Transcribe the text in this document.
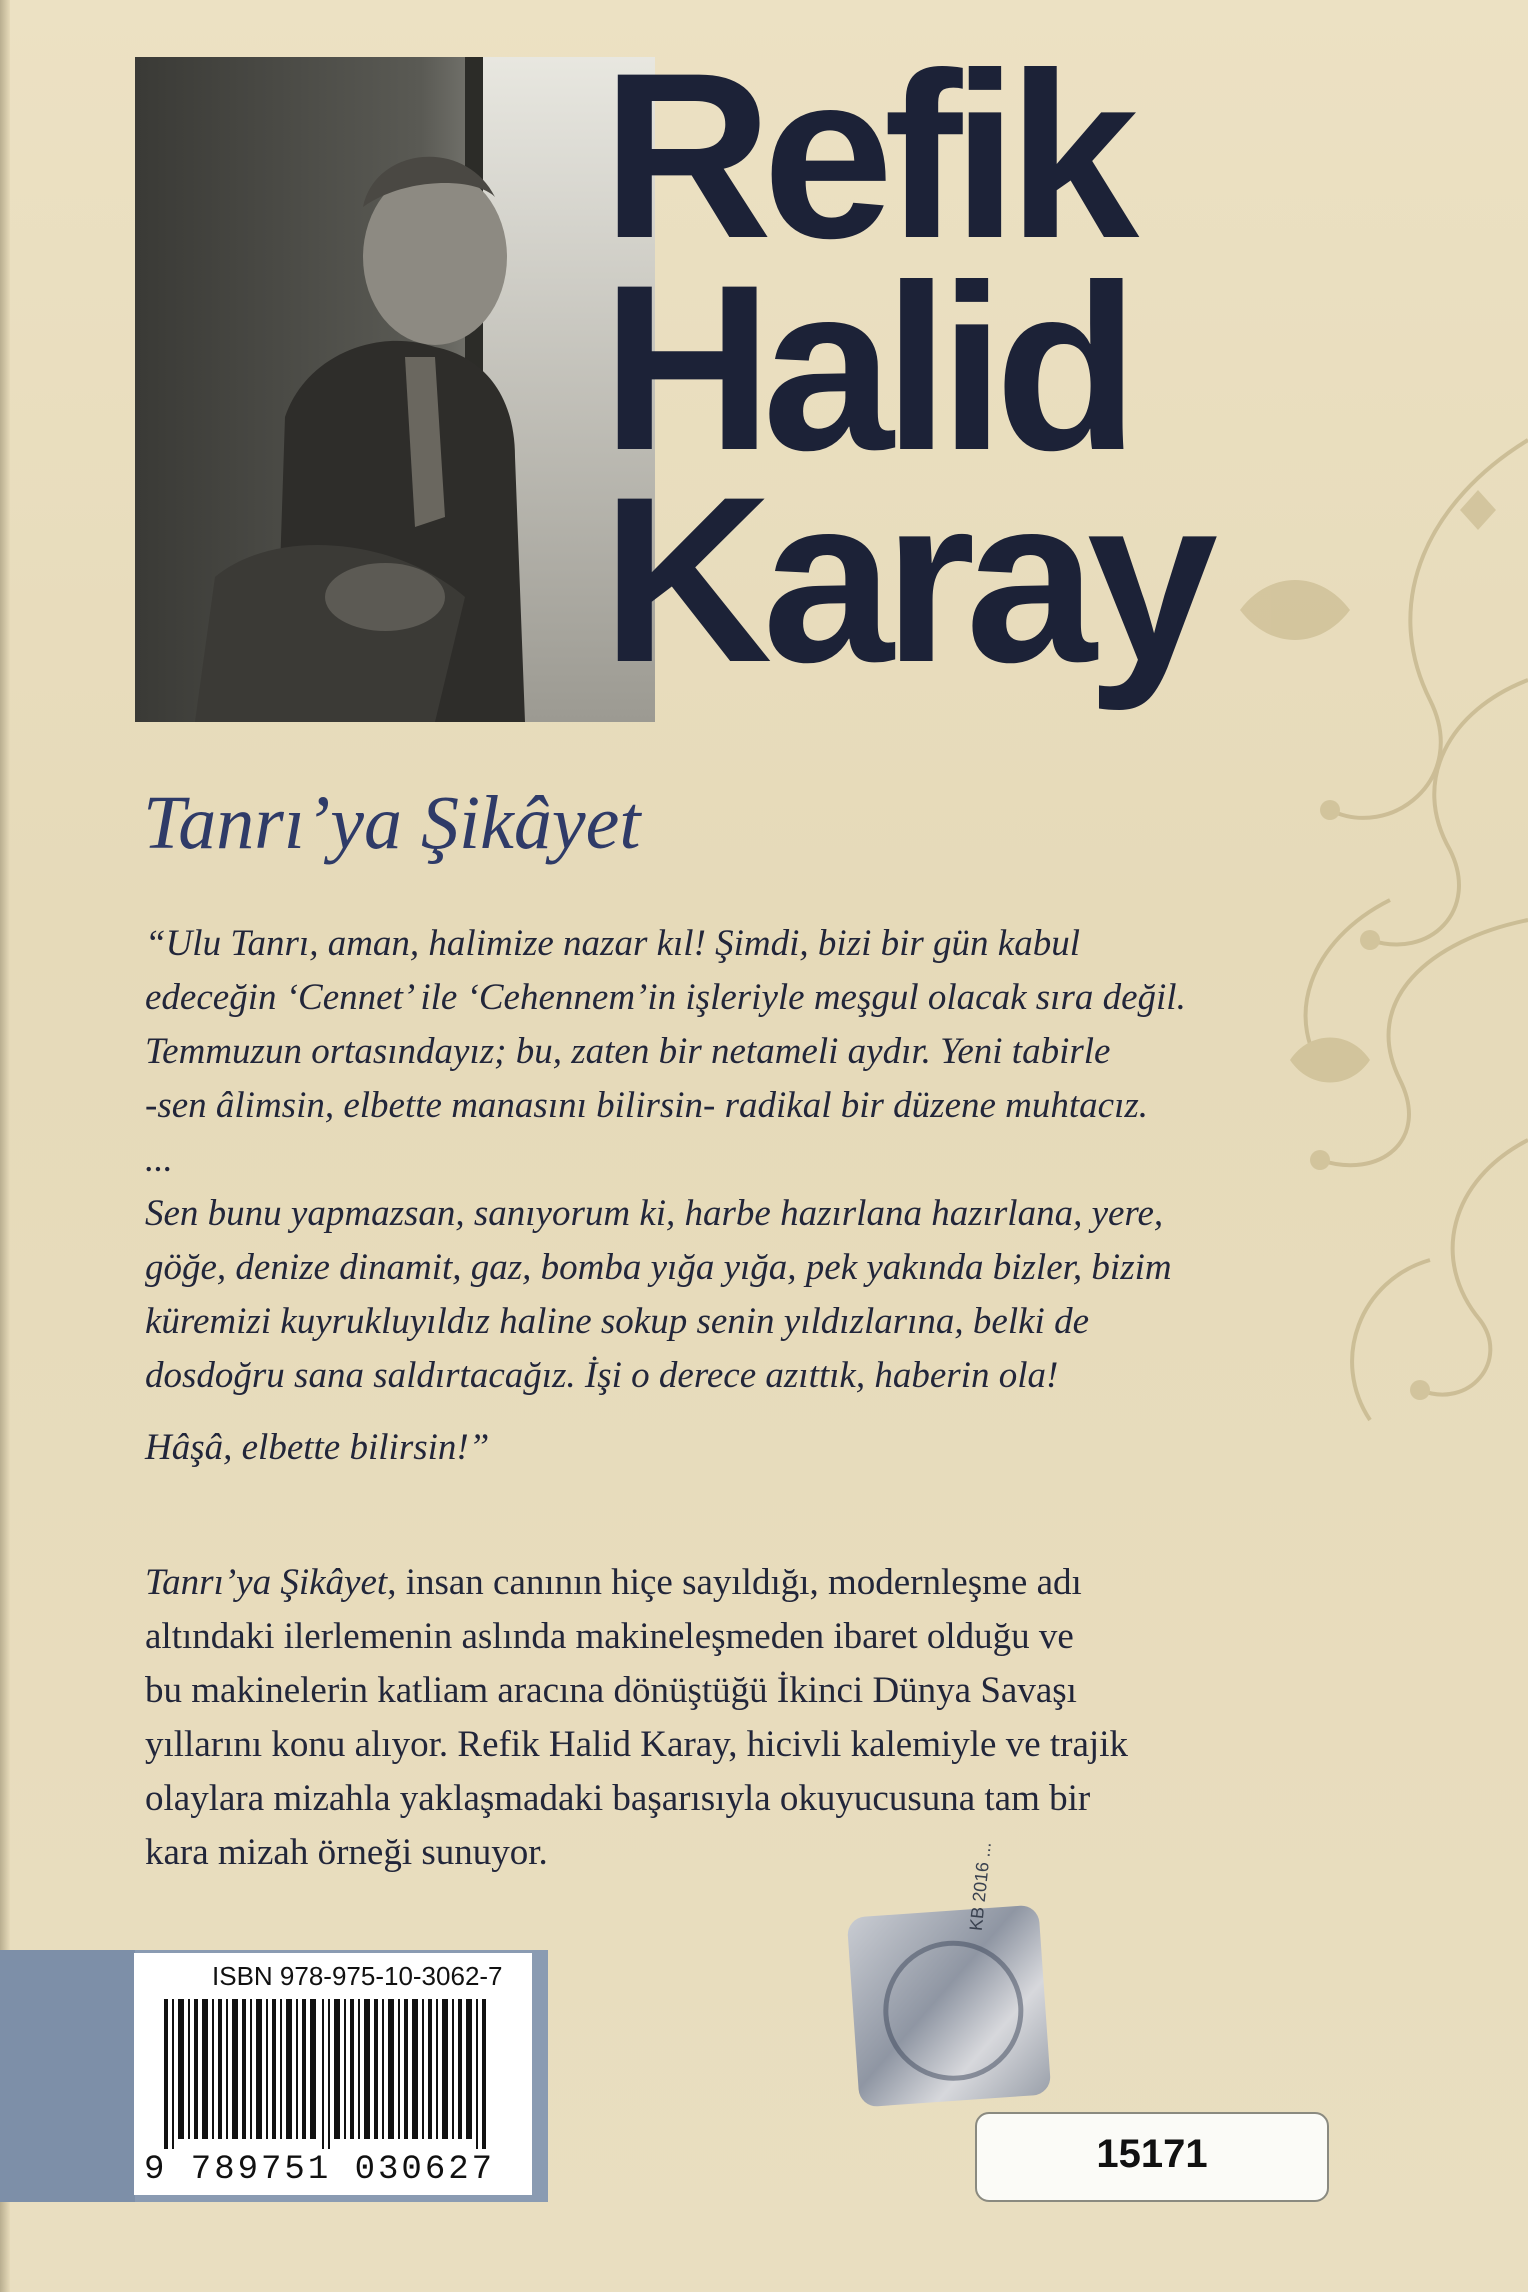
Refik
Halid
Karay
Tanrı’ya Şikâyet

“Ulu Tanrı, aman, halimize nazar kıl! Şimdi, bizi bir gün kabul

edeceğin ‘Cennet’ ile ‘Cehennem’in işleriyle meşgul olacak sıra değil.

Temmuzun ortasındayız; bu, zaten bir netameli aydır. Yeni tabirle

-sen âlimsin, elbette manasını bilirsin- radikal bir düzene muhtacız.

...

Sen bunu yapmazsan, sanıyorum ki, harbe hazırlana hazırlana, yere,

göğe, denize dinamit, gaz, bomba yığa yığa, pek yakında bizler, bizim

küremizi kuyrukluyıldız haline sokup senin yıldızlarına, belki de

dosdoğru sana saldırtacağız. İşi o derece azıttık, haberin ola!

Hâşâ, elbette bilirsin!”

Tanrı’ya Şikâyet, insan canının hiçe sayıldığı, modernleşme adı

altındaki ilerlemenin aslında makineleşmeden ibaret olduğu ve

bu makinelerin katliam aracına dönüştüğü İkinci Dünya Savaşı

yıllarını konu alıyor. Refik Halid Karay, hicivli kalemiyle ve trajik

olaylara mizahla yaklaşmadaki başarısıyla okuyucusuna tam bir

kara mizah örneği sunuyor.

ISBN 978-975-10-3062-7
9 789751 030627
KB 2016 ...
15171
